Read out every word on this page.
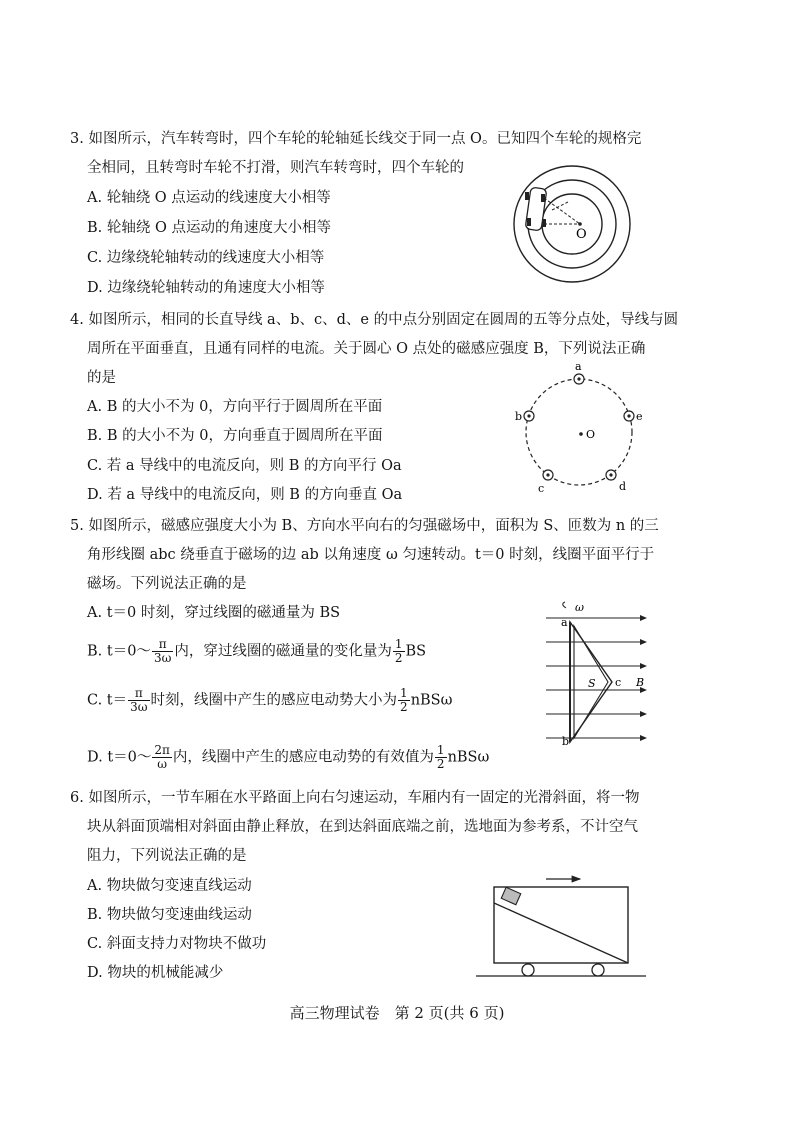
3. 如图所示，汽车转弯时，四个车轮的轮轴延长线交于同一点 O。已知四个车轮的规格完
全相同，且转弯时车轮不打滑，则汽车转弯时，四个车轮的
A. 轮轴绕 O 点运动的线速度大小相等
B. 轮轴绕 O 点运动的角速度大小相等
C. 边缘绕轮轴转动的线速度大小相等
D. 边缘绕轮轴转动的角速度大小相等
O
4. 如图所示，相同的长直导线 a、b、c、d、e 的中点分别固定在圆周的五等分点处，导线与圆
周所在平面垂直，且通有同样的电流。关于圆心 O 点处的磁感应强度 B，下列说法正确
的是
A. B 的大小不为 0，方向平行于圆周所在平面
B. B 的大小不为 0，方向垂直于圆周所在平面
C. 若 a 导线中的电流反向，则 B 的方向平行 Oa
D. 若 a 导线中的电流反向，则 B 的方向垂直 Oa
a
e
b
c	d
O
5. 如图所示，磁感应强度大小为 B、方向水平向右的匀强磁场中，面积为 S、匝数为 n 的三
角形线圈 abc 绕垂直于磁场的边 ab 以角速度 ω 匀速转动。t＝0 时刻，线圈平面平行于
磁场。下列说法正确的是
A. t＝0 时刻，穿过线圈的磁通量为 BS
B. t＝0～ $\frac{\pi}{3\omega}$ 内，穿过线圈的磁通量的变化量为 $\frac{1}{2}$ BS
C. $t= \frac{\pi}{3\omega}$ 时刻，线圈中产生的感应电动势大小为 $\frac{1}{2}$ nBSω
D. t＝0～ $\frac{2\pi}{\omega}$ 内，线圈中产生的感应电动势的有效值为 $\frac{1}{2}$ nBSω
ω
a
b
c
S	B
6. 如图所示，一节车厢在水平路面上向右匀速运动，车厢内有一固定的光滑斜面，将一物
块从斜面顶端相对斜面由静止释放，在到达斜面底端之前，选地面为参考系，不计空气
阻力，下列说法正确的是
A. 物块做匀变速直线运动
B. 物块做匀变速曲线运动
C. 斜面支持力对物块不做功
D. 物块的机械能减少
高三物理试卷　第 2 页(共 6 页)
